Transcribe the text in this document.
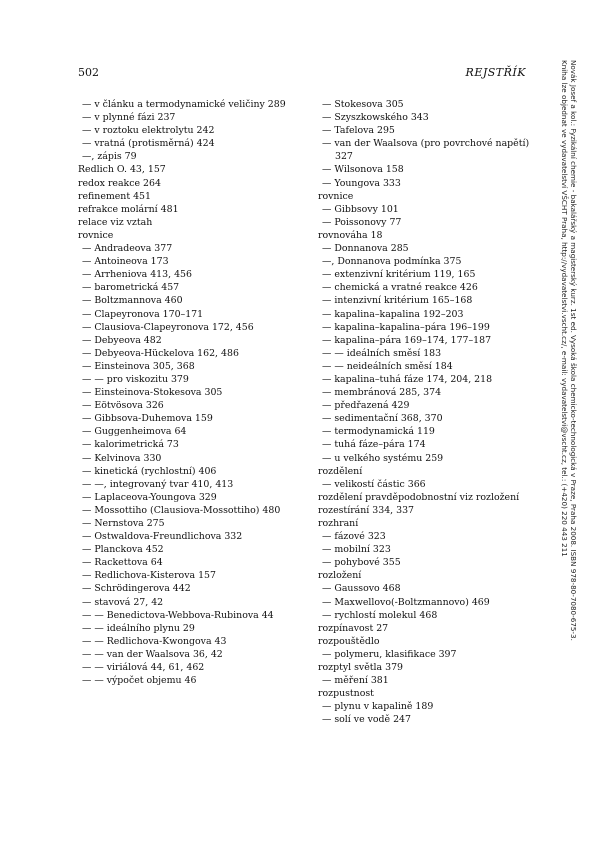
502	REJSTŘÍK
— v článku a termodynamické veličiny 289
— v plynné fázi 237
— v roztoku elektrolytu 242
— vratná (protisměrná) 424
—, zápis 79
Redlich O. 43, 157
redox reakce 264
refinement 451
refrakce molární 481
relace viz vztah
rovnice
— Andradeova 377
— Antoineova 173
— Arrheniova 413, 456
— barometrická 457
— Boltzmannova 460
— Clapeyronova 170–171
— Clausiova-Clapeyronova 172, 456
— Debyeova 482
— Debyeova-Hückelova 162, 486
— Einsteinova 305, 368
— — pro viskozitu 379
— Einsteinova-Stokesova 305
— Eötvösova 326
— Gibbsova-Duhemova 159
— Guggenheimova 64
— kalorimetrická 73
— Kelvinova 330
— kinetická (rychlostní) 406
— —, integrovaný tvar 410, 413
— Laplaceova-Youngova 329
— Mossottiho (Clausiova-Mossottiho) 480
— Nernstova 275
— Ostwaldova-Freundlichova 332
— Planckova 452
— Rackettova 64
— Redlichova-Kisterova 157
— Schrödingerova 442
— stavová 27, 42
— — Benedictova-Webbova-Rubinova 44
— — ideálního plynu 29
— — Redlichova-Kwongova 43
— — van der Waalsova 36, 42
— — viriálová 44, 61, 462
— — výpočet objemu 46
— Stokesova 305
— Szyszkowského 343
— Tafelova 295
— van der Waalsova (pro povrchové napětí) 327
— Wilsonova 158
— Youngova 333
rovnice
— Gibbsovy 101
— Poissonovy 77
rovnováha 18
— Donnanova 285
—, Donnanova podmínka 375
— extenzivní kritérium 119, 165
— chemická a vratné reakce 426
— intenzivní kritérium 165–168
— kapalina–kapalina 192–203
— kapalina–kapalina–pára 196–199
— kapalina–pára 169–174, 177–187
— — ideálních směsí 183
— — neideálních směsí 184
— kapalina–tuhá fáze 174, 204, 218
— membránová 285, 374
— předřazená 429
— sedimentační 368, 370
— termodynamická 119
— tuhá fáze–pára 174
— u velkého systému 259
rozdělení
— velikostí částic 366
rozdělení pravděpodobnostní viz rozložení
rozestírání 334, 337
rozhraní
— fázové 323
— mobilní 323
— pohybové 355
rozložení
— Gaussovo 468
— Maxwellovo(-Boltzmannovo) 469
— rychlostí molekul 468
rozpínavost 27
rozpouštědlo
— polymeru, klasifikace 397
rozptyl světla 379
— měření 381
rozpustnost
— plynu v kapalině 189
— solí ve vodě 247
Novák Josef a kol.: Fyzikální chemie - bakalářský a magisterský kurz. 1st ed. Vysoká škola chemicko-technologická v Praze, Praha 2008. ISBN 978-80-7080-675-3.
Kniha lze objednat ve vydavatelství VŠCHT Praha, http://vydavatelstvi.vscht.cz/, e-mail: vydavatelstvi@vscht.cz, tel.: (+420) 220 443 211
